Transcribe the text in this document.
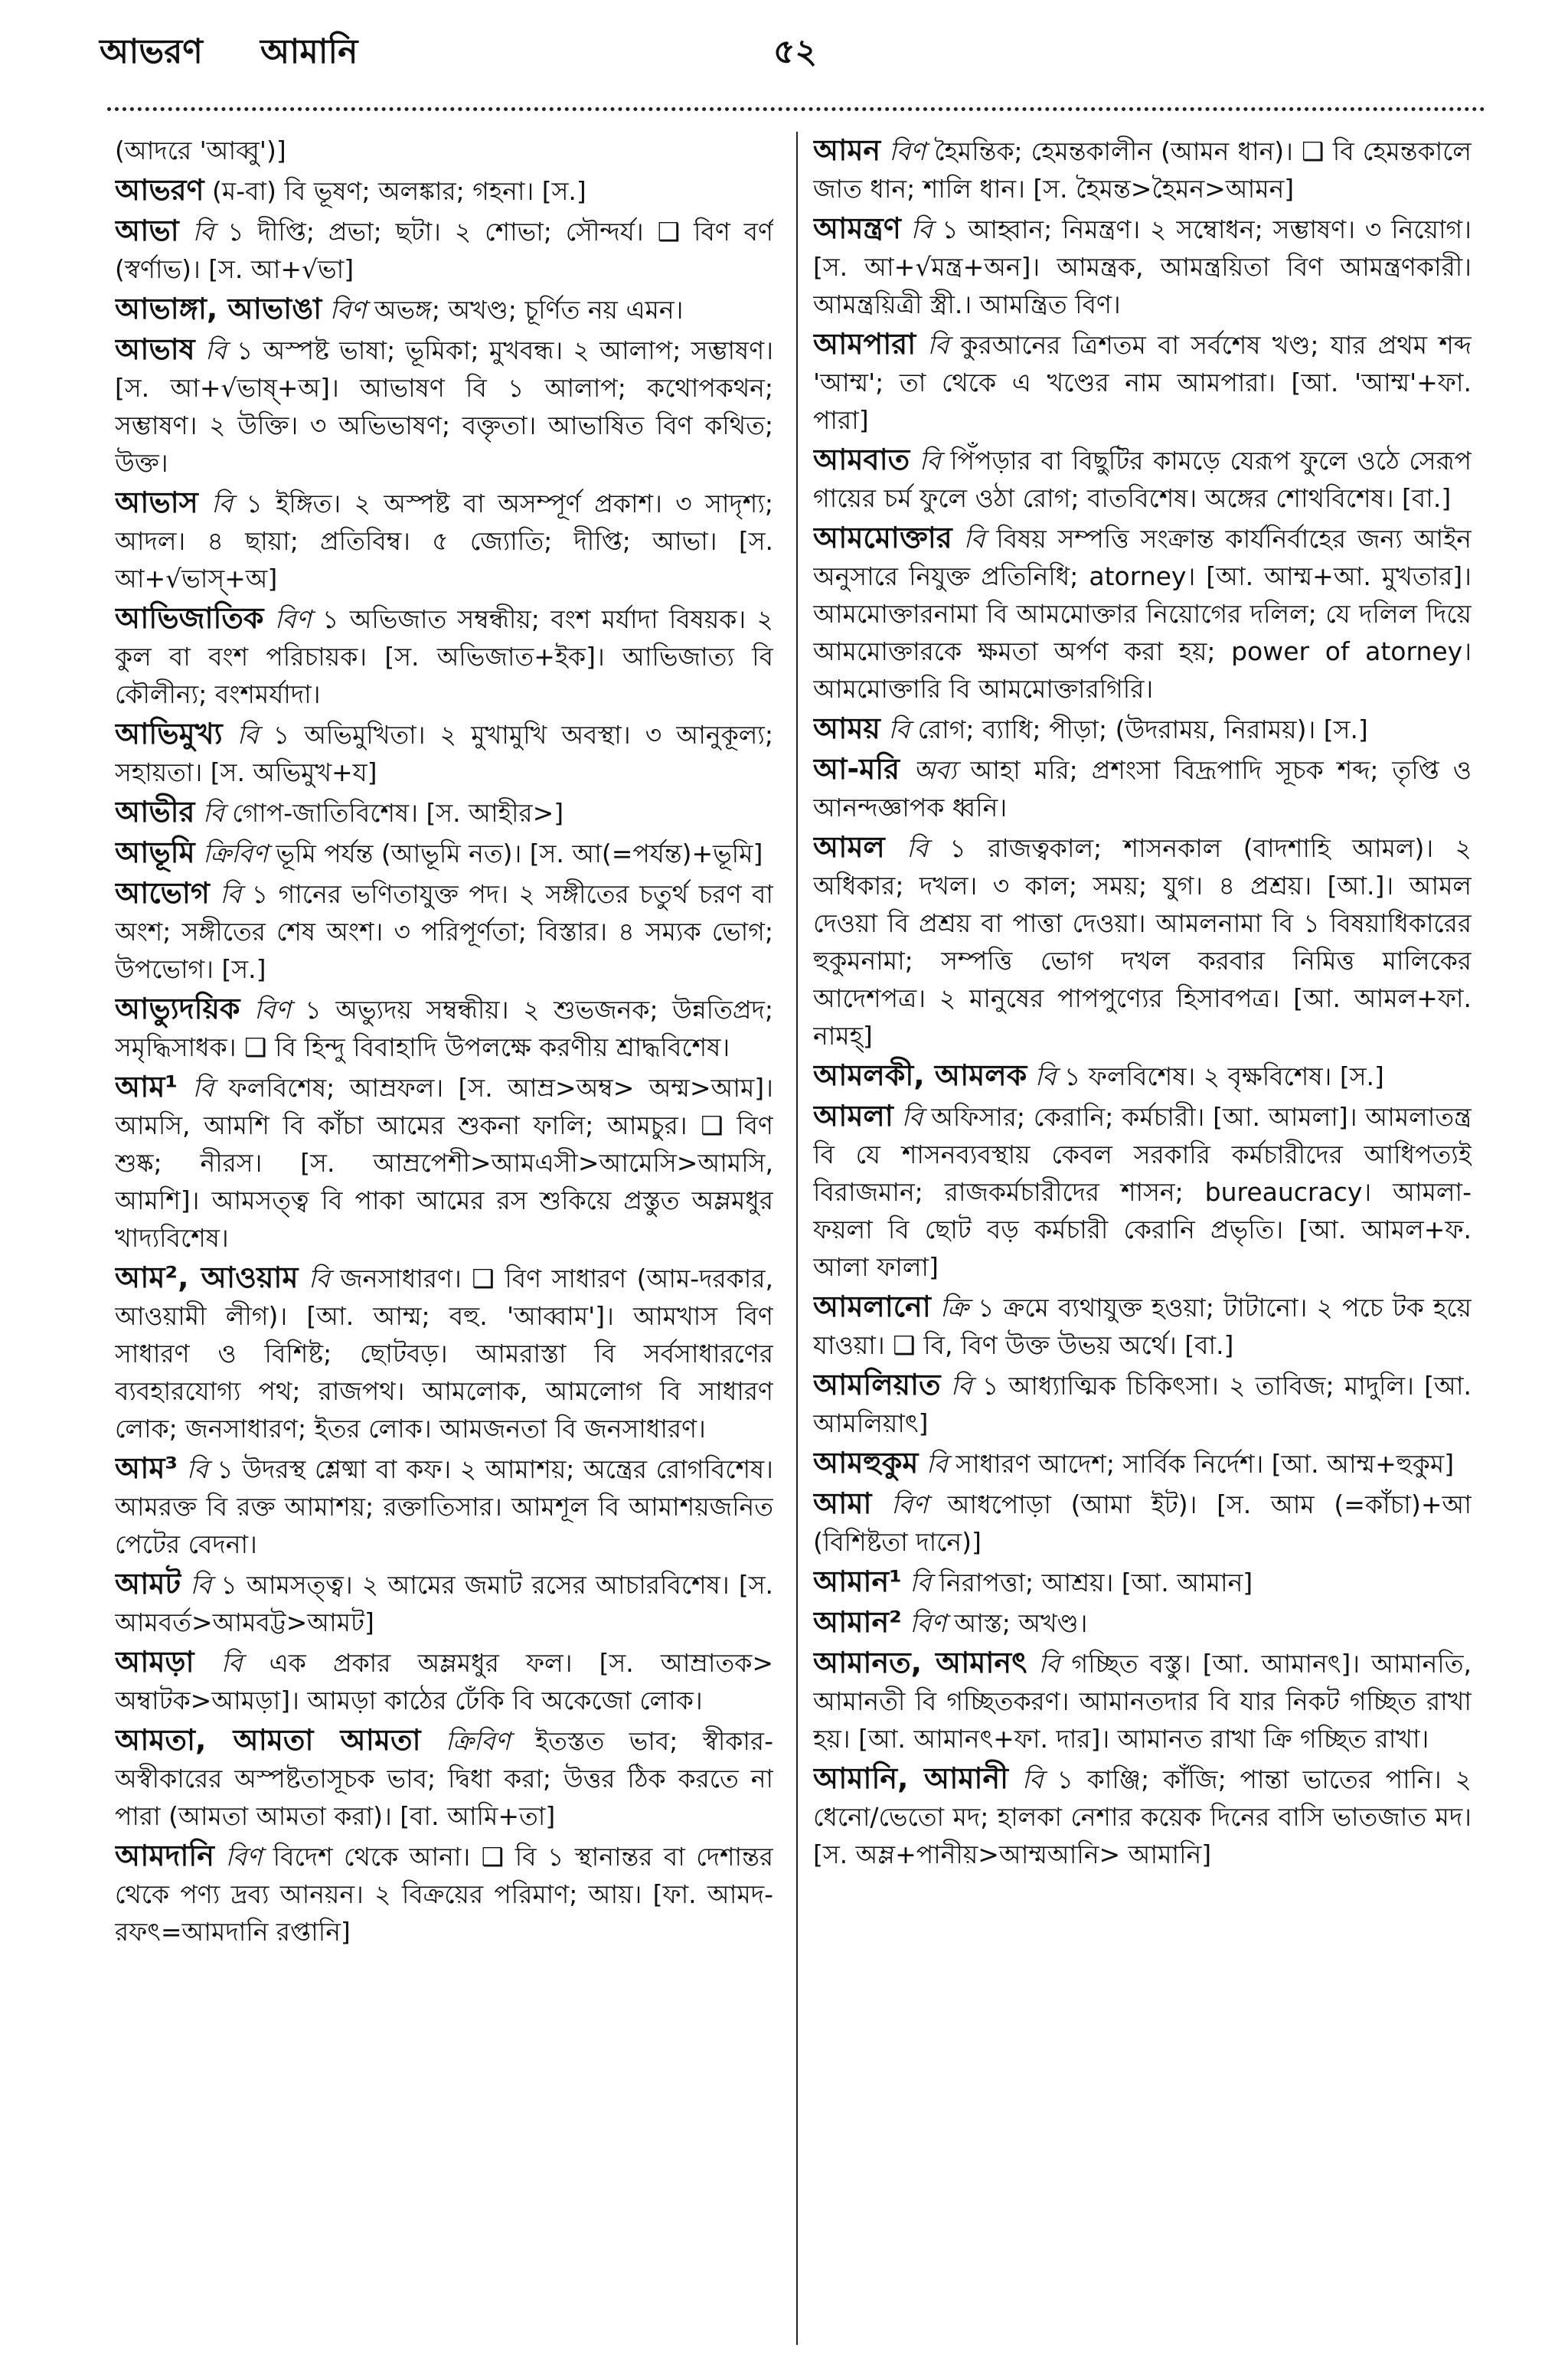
আভরণ আমানি	৫২

(আদরে 'আব্বু')]

আভরণ (ম-বা) বি ভূষণ; অলঙ্কার; গহনা। [স.]

আভা বি ১ দীপ্তি; প্রভা; ছটা। ২ শোভা; সৌন্দর্য। ❑ বিণ বর্ণ (স্বর্ণাভ)। [স. আ+√ভা]

আভাঙ্গা, আভাঙা বিণ অভঙ্গ; অখণ্ড; চূর্ণিত নয় এমন।

আভাষ বি ১ অস্পষ্ট ভাষা; ভূমিকা; মুখবন্ধ। ২ আলাপ; সম্ভাষণ। [স. আ+√ভাষ্+অ]। আভাষণ বি ১ আলাপ; কথোপকথন; সম্ভাষণ। ২ উক্তি। ৩ অভিভাষণ; বক্তৃতা। আভাষিত বিণ কথিত; উক্ত।

আভাস বি ১ ইঙ্গিত। ২ অস্পষ্ট বা অসম্পূর্ণ প্রকাশ। ৩ সাদৃশ্য; আদল। ৪ ছায়া; প্রতিবিম্ব। ৫ জ্যোতি; দীপ্তি; আভা। [স. আ+√ভাস্+অ]

আভিজাতিক বিণ ১ অভিজাত সম্বন্ধীয়; বংশ মর্যাদা বিষয়ক। ২ কুল বা বংশ পরিচায়ক। [স. অভিজাত+ইক]। আভিজাত্য বি কৌলীন্য; বংশমর্যাদা।

আভিমুখ্য বি ১ অভিমুখিতা। ২ মুখামুখি অবস্থা। ৩ আনুকূল্য; সহায়তা। [স. অভিমুখ+য]

আভীর বি গোপ-জাতিবিশেষ। [স. আহীর>]

আভূমি ক্রিবিণ ভূমি পর্যন্ত (আভূমি নত)। [স. আ(=পর্যন্ত)+ভূমি]

আভোগ বি ১ গানের ভণিতাযুক্ত পদ। ২ সঙ্গীতের চতুর্থ চরণ বা অংশ; সঙ্গীতের শেষ অংশ। ৩ পরিপূর্ণতা; বিস্তার। ৪ সম্যক ভোগ; উপভোগ। [স.]

আভ্যুদয়িক বিণ ১ অভ্যুদয় সম্বন্ধীয়। ২ শুভজনক; উন্নতিপ্রদ; সমৃদ্ধিসাধক। ❑ বি হিন্দু বিবাহাদি উপলক্ষে করণীয় শ্রাদ্ধবিশেষ।

আম¹ বি ফলবিশেষ; আম্রফল। [স. আম্র>অম্ব> অম্ম>আম]। আমসি, আমশি বি কাঁচা আমের শুকনা ফালি; আমচুর। ❑ বিণ শুষ্ক; নীরস। [স. আম্রপেশী>আমএসী>আমেসি>আমসি, আমশি]। আমসত্ত্ব বি পাকা আমের রস শুকিয়ে প্রস্তুত অম্লমধুর খাদ্যবিশেষ।

আম², আওয়াম বি জনসাধারণ। ❑ বিণ সাধারণ (আম-দরকার, আওয়ামী লীগ)। [আ. আম্ম; বহু. 'আব্বাম']। আমখাস বিণ সাধারণ ও বিশিষ্ট; ছোটবড়। আমরাস্তা বি সর্বসাধারণের ব্যবহারযোগ্য পথ; রাজপথ। আমলোক, আমলোগ বি সাধারণ লোক; জনসাধারণ; ইতর লোক। আমজনতা বি জনসাধারণ।

আম³ বি ১ উদরস্থ শ্লেষ্মা বা কফ। ২ আমাশয়; অন্ত্রের রোগবিশেষ। আমরক্ত বি রক্ত আমাশয়; রক্তাতিসার। আমশূল বি আমাশয়জনিত পেটের বেদনা।

আমট বি ১ আমসত্ত্ব। ২ আমের জমাট রসের আচারবিশেষ। [স. আমবর্ত>আমবট্ট>আমট]

আমড়া বি এক প্রকার অম্লমধুর ফল। [স. আম্রাতক> অম্বাটক>আমড়া]। আমড়া কাঠের ঢেঁকি বি অকেজো লোক।

আমতা, আমতা আমতা ক্রিবিণ ইতস্তত ভাব; স্বীকার-অস্বীকারের অস্পষ্টতাসূচক ভাব; দ্বিধা করা; উত্তর ঠিক করতে না পারা (আমতা আমতা করা)। [বা. আমি+তা]

আমদানি বিণ বিদেশ থেকে আনা। ❑ বি ১ স্থানান্তর বা দেশান্তর থেকে পণ্য দ্রব্য আনয়ন। ২ বিক্রয়ের পরিমাণ; আয়। [ফা. আমদ-রফৎ=আমদানি রপ্তানি]

আমন বিণ হৈমন্তিক; হেমন্তকালীন (আমন ধান)। ❑ বি হেমন্তকালে জাত ধান; শালি ধান। [স. হৈমন্ত>হৈমন>আমন]

আমন্ত্রণ বি ১ আহ্বান; নিমন্ত্রণ। ২ সম্বোধন; সম্ভাষণ। ৩ নিয়োগ। [স. আ+√মন্ত্র+অন]। আমন্ত্রক, আমন্ত্রয়িতা বিণ আমন্ত্রণকারী। আমন্ত্রয়িত্রী স্ত্রী.। আমন্ত্রিত বিণ।

আমপারা বি কুরআনের ত্রিশতম বা সর্বশেষ খণ্ড; যার প্রথম শব্দ 'আম্ম'; তা থেকে এ খণ্ডের নাম আমপারা। [আ. 'আম্ম'+ফা. পারা]

আমবাত বি পিঁপড়ার বা বিছুটির কামড়ে যেরূপ ফুলে ওঠে সেরূপ গায়ের চর্ম ফুলে ওঠা রোগ; বাতবিশেষ। অঙ্গের শোথবিশেষ। [বা.]

আমমোক্তার বি বিষয় সম্পত্তি সংক্রান্ত কার্যনির্বাহের জন্য আইন অনুসারে নিযুক্ত প্রতিনিধি; atorney। [আ. আম্ম+আ. মুখতার]। আমমোক্তারনামা বি আমমোক্তার নিয়োগের দলিল; যে দলিল দিয়ে আমমোক্তারকে ক্ষমতা অর্পণ করা হয়; power of atorney। আমমোক্তারি বি আমমোক্তারগিরি।

আময় বি রোগ; ব্যাধি; পীড়া; (উদরাময়, নিরাময়)। [স.]

আ-মরি অব্য আহা মরি; প্রশংসা বিদ্রূপাদি সূচক শব্দ; তৃপ্তি ও আনন্দজ্ঞাপক ধ্বনি।

আমল বি ১ রাজত্বকাল; শাসনকাল (বাদশাহি আমল)। ২ অধিকার; দখল। ৩ কাল; সময়; যুগ। ৪ প্রশ্রয়। [আ.]। আমল দেওয়া বি প্রশ্রয় বা পাত্তা দেওয়া। আমলনামা বি ১ বিষয়াধিকারের হুকুমনামা; সম্পত্তি ভোগ দখল করবার নিমিত্ত মালিকের আদেশপত্র। ২ মানুষের পাপপুণ্যের হিসাবপত্র। [আ. আমল+ফা. নামহ্]

আমলকী, আমলক বি ১ ফলবিশেষ। ২ বৃক্ষবিশেষ। [স.]

আমলা বি অফিসার; কেরানি; কর্মচারী। [আ. আমলা]। আমলাতন্ত্র বি যে শাসনব্যবস্থায় কেবল সরকারি কর্মচারীদের আধিপত্যই বিরাজমান; রাজকর্মচারীদের শাসন; bureaucracy। আমলা-ফয়লা বি ছোট বড় কর্মচারী কেরানি প্রভৃতি। [আ. আমল+ফ. আলা ফালা]

আমলানো ক্রি ১ ক্রমে ব্যথাযুক্ত হওয়া; টাটানো। ২ পচে টক হয়ে যাওয়া। ❑ বি, বিণ উক্ত উভয় অর্থে। [বা.]

আমলিয়াত বি ১ আধ্যাত্মিক চিকিৎসা। ২ তাবিজ; মাদুলি। [আ. আমলিয়াৎ]

আমহুকুম বি সাধারণ আদেশ; সার্বিক নির্দেশ। [আ. আম্ম+হুকুম]

আমা বিণ আধপোড়া (আমা ইট)। [স. আম (=কাঁচা)+আ (বিশিষ্টতা দানে)]

আমান¹ বি নিরাপত্তা; আশ্রয়। [আ. আমান]

আমান² বিণ আস্ত; অখণ্ড।

আমানত, আমানৎ বি গচ্ছিত বস্তু। [আ. আমানৎ]। আমানতি, আমানতী বি গচ্ছিতকরণ। আমানতদার বি যার নিকট গচ্ছিত রাখা হয়। [আ. আমানৎ+ফা. দার]। আমানত রাখা ক্রি গচ্ছিত রাখা।

আমানি, আমানী বি ১ কাঞ্জি; কাঁজি; পান্তা ভাতের পানি। ২ ধেনো/ভেতো মদ; হালকা নেশার কয়েক দিনের বাসি ভাতজাত মদ। [স. অম্ল+পানীয়>আম্মআনি> আমানি]
